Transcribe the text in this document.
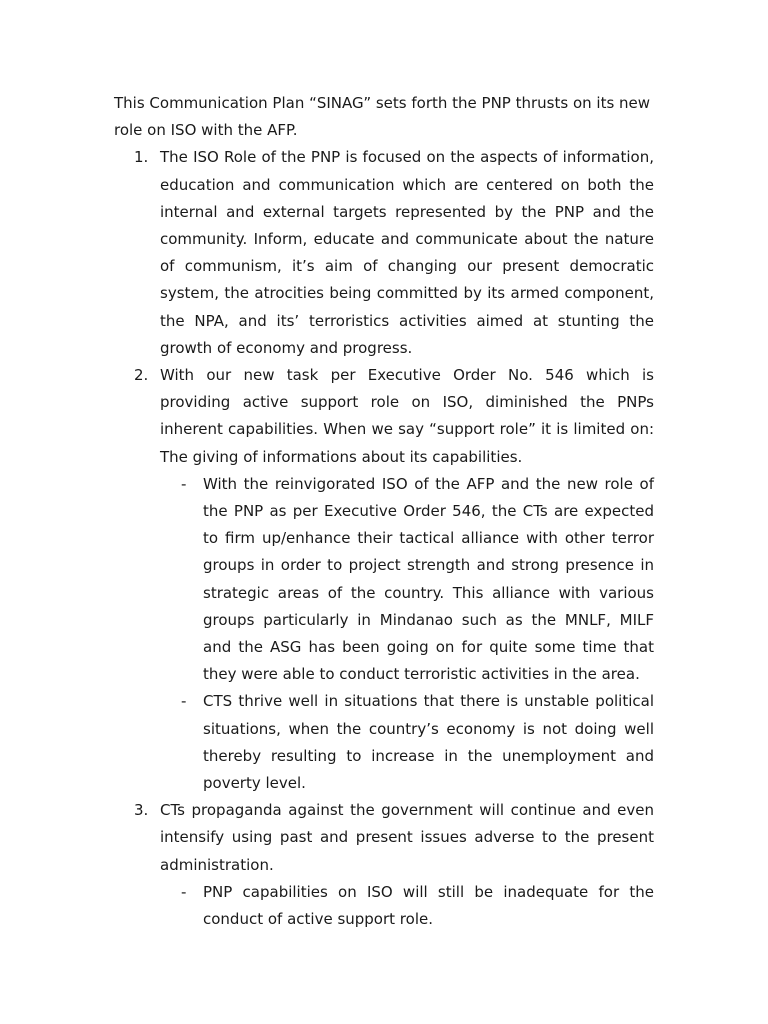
This Communication Plan “SINAG” sets forth the PNP thrusts on its new role on ISO with the AFP.

1. The ISO Role of the PNP is focused on the aspects of information, education and communication which are centered on both the internal and external targets represented by the PNP and the community. Inform, educate and communicate about the nature of communism, it’s aim of changing our present democratic system, the atrocities being committed by its armed component, the NPA, and its’ terroristics activities aimed at stunting the growth of economy and progress.

2. With our new task per Executive Order No. 546 which is providing active support role on ISO, diminished the PNPs inherent capabilities. When we say “support role” it is limited on: The giving of informations about its capabilities.

- With the reinvigorated ISO of the AFP and the new role of the PNP as per Executive Order 546, the CTs are expected to firm up/enhance their tactical alliance with other terror groups in order to project strength and strong presence in strategic areas of the country. This alliance with various groups particularly in Mindanao such as the MNLF, MILF and the ASG has been going on for quite some time that they were able to conduct terroristic activities in the area.

- CTS thrive well in situations that there is unstable political situations, when the country’s economy is not doing well thereby resulting to increase in the unemployment and poverty level.

3. CTs propaganda against the government will continue and even intensify using past and present issues adverse to the present administration.

- PNP capabilities on ISO will still be inadequate for the conduct of active support role.
